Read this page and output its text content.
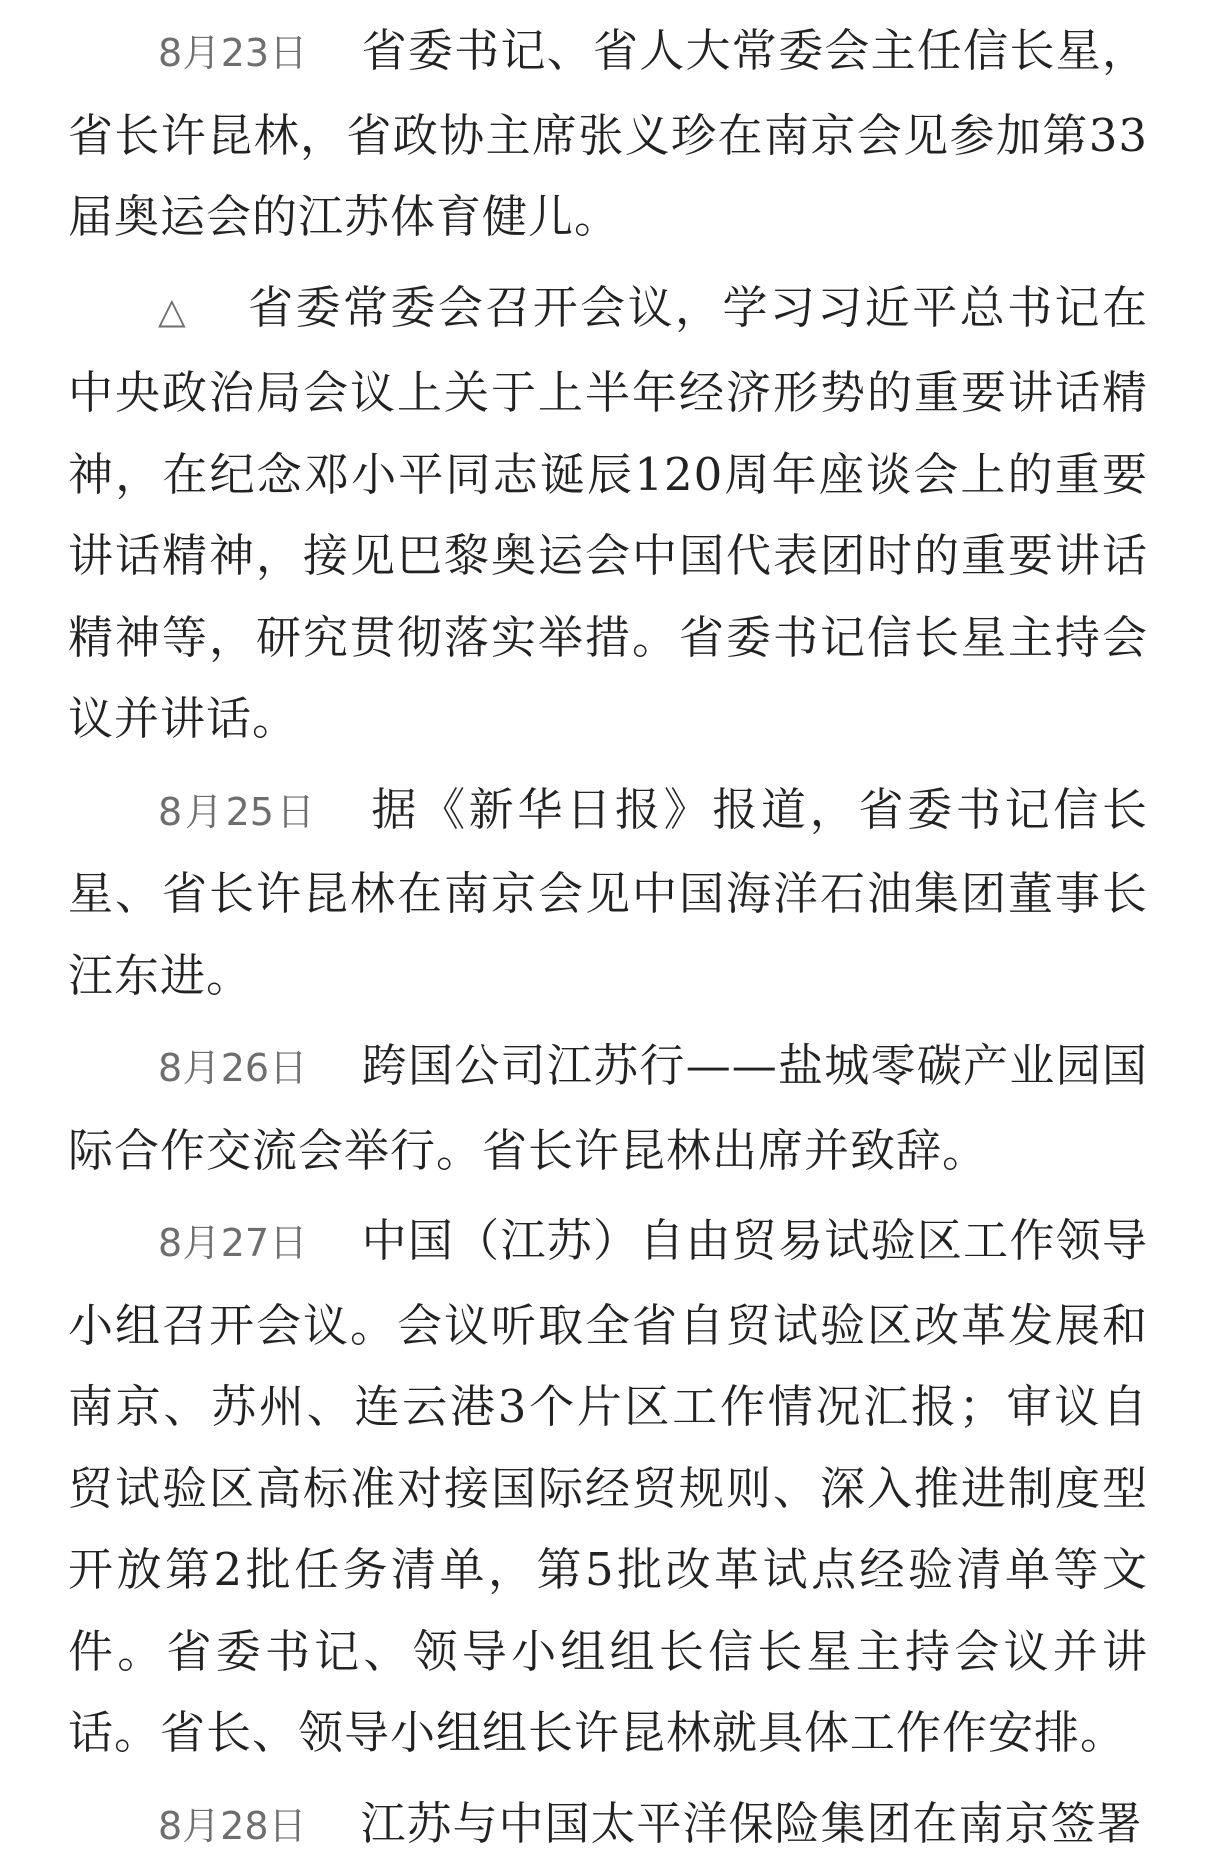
8月23日 省委书记、省人大常委会主任信长星，省长许昆林，省政协主席张义珍在南京会见参加第33届奥运会的江苏体育健儿。

△ 省委常委会召开会议，学习习近平总书记在中央政治局会议上关于上半年经济形势的重要讲话精神，在纪念邓小平同志诞辰120周年座谈会上的重要讲话精神，接见巴黎奥运会中国代表团时的重要讲话精神等，研究贯彻落实举措。省委书记信长星主持会议并讲话。

8月25日 据《新华日报》报道，省委书记信长星、省长许昆林在南京会见中国海洋石油集团董事长汪东进。

8月26日 跨国公司江苏行——盐城零碳产业园国际合作交流会举行。省长许昆林出席并致辞。

8月27日 中国（江苏）自由贸易试验区工作领导小组召开会议。会议听取全省自贸试验区改革发展和南京、苏州、连云港3个片区工作情况汇报；审议自贸试验区高标准对接国际经贸规则、深入推进制度型开放第2批任务清单，第5批改革试点经验清单等文件。省委书记、领导小组组长信长星主持会议并讲话。省长、领导小组组长许昆林就具体工作作安排。

8月28日 江苏与中国太平洋保险集团在南京签署
